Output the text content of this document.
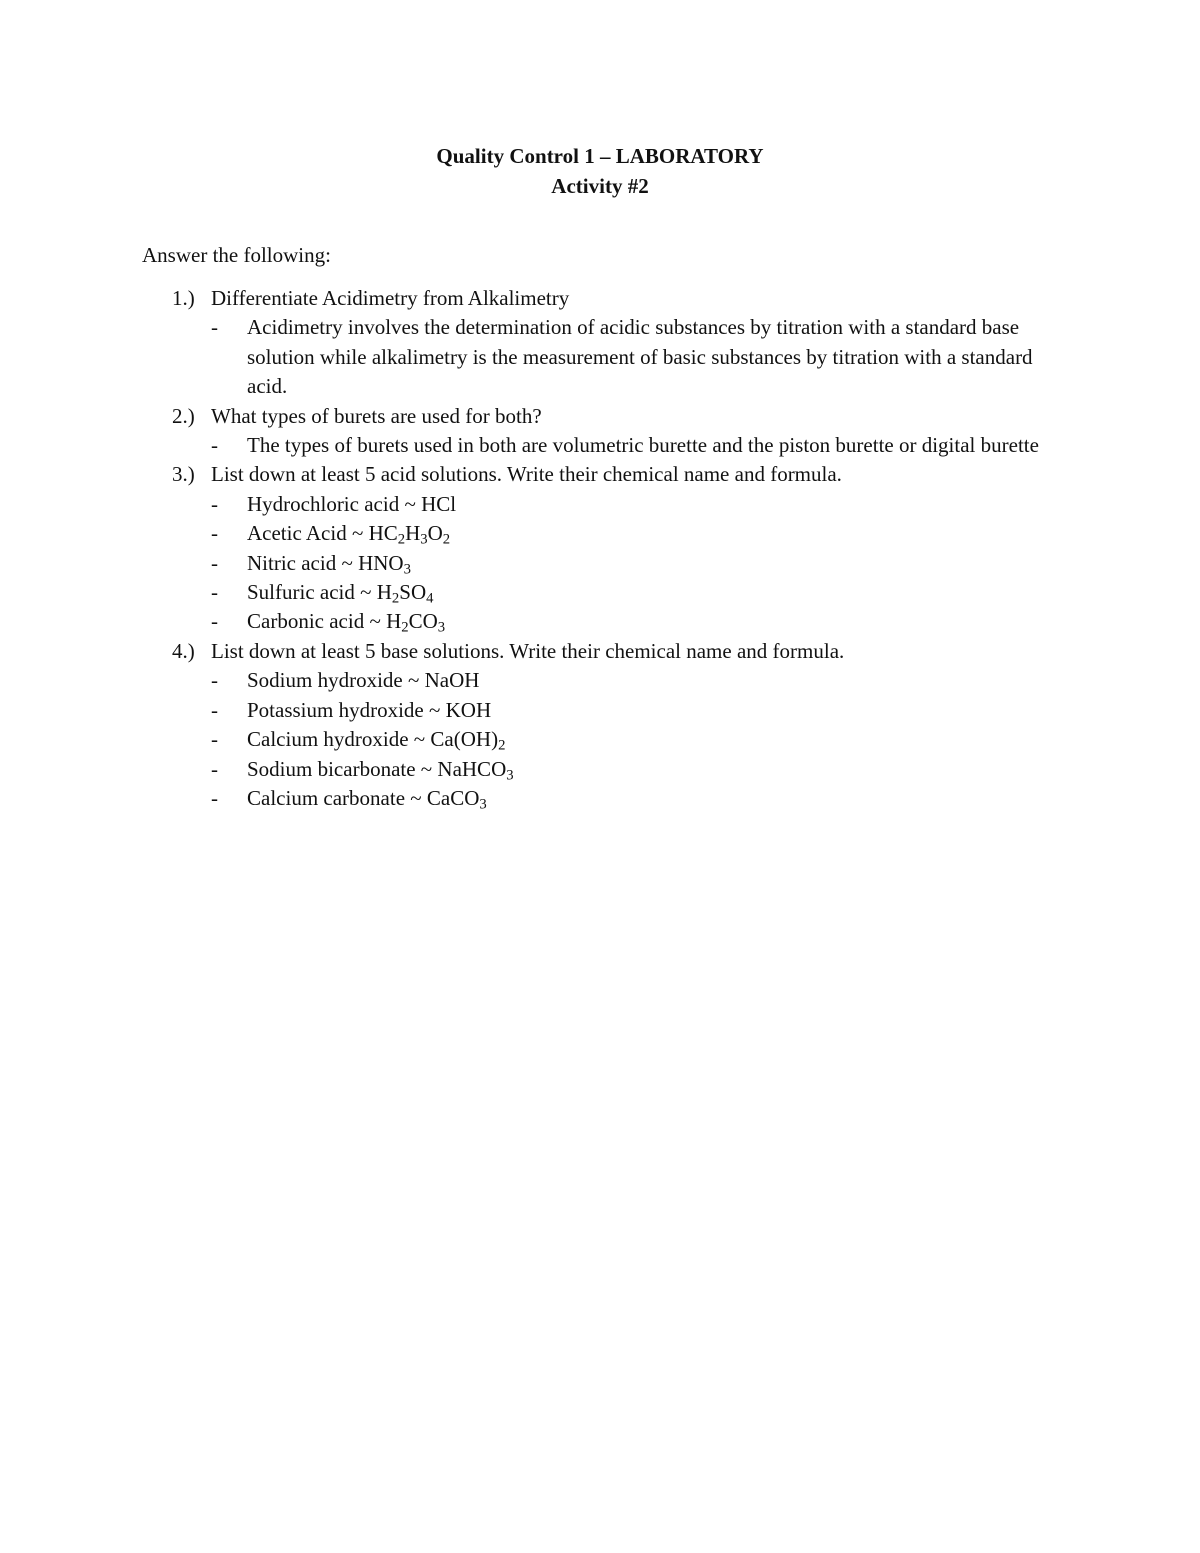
Quality Control 1 – LABORATORY
Activity #2
Answer the following:
1.) Differentiate Acidimetry from Alkalimetry
-	Acidimetry involves the determination of acidic substances by titration with a standard base solution while alkalimetry is the measurement of basic substances by titration with a standard acid.
2.) What types of burets are used for both?
-	The types of burets used in both are volumetric burette and the piston burette or digital burette
3.) List down at least 5 acid solutions. Write their chemical name and formula.
-	Hydrochloric acid ~ HCl
-	Acetic Acid ~ $HC_2H_3O_2$
-	Nitric acid ~ $HNO_3$
-	Sulfuric acid ~ $H_2SO_4$
-	Carbonic acid ~ $H_2CO_3$
4.) List down at least 5 base solutions. Write their chemical name and formula.
-	Sodium hydroxide ~ NaOH
-	Potassium hydroxide ~ KOH
-	Calcium hydroxide ~ $Ca(OH)_2$
-	Sodium bicarbonate ~ NaHCO$_3$
-	Calcium carbonate ~ CaCO$_3$
